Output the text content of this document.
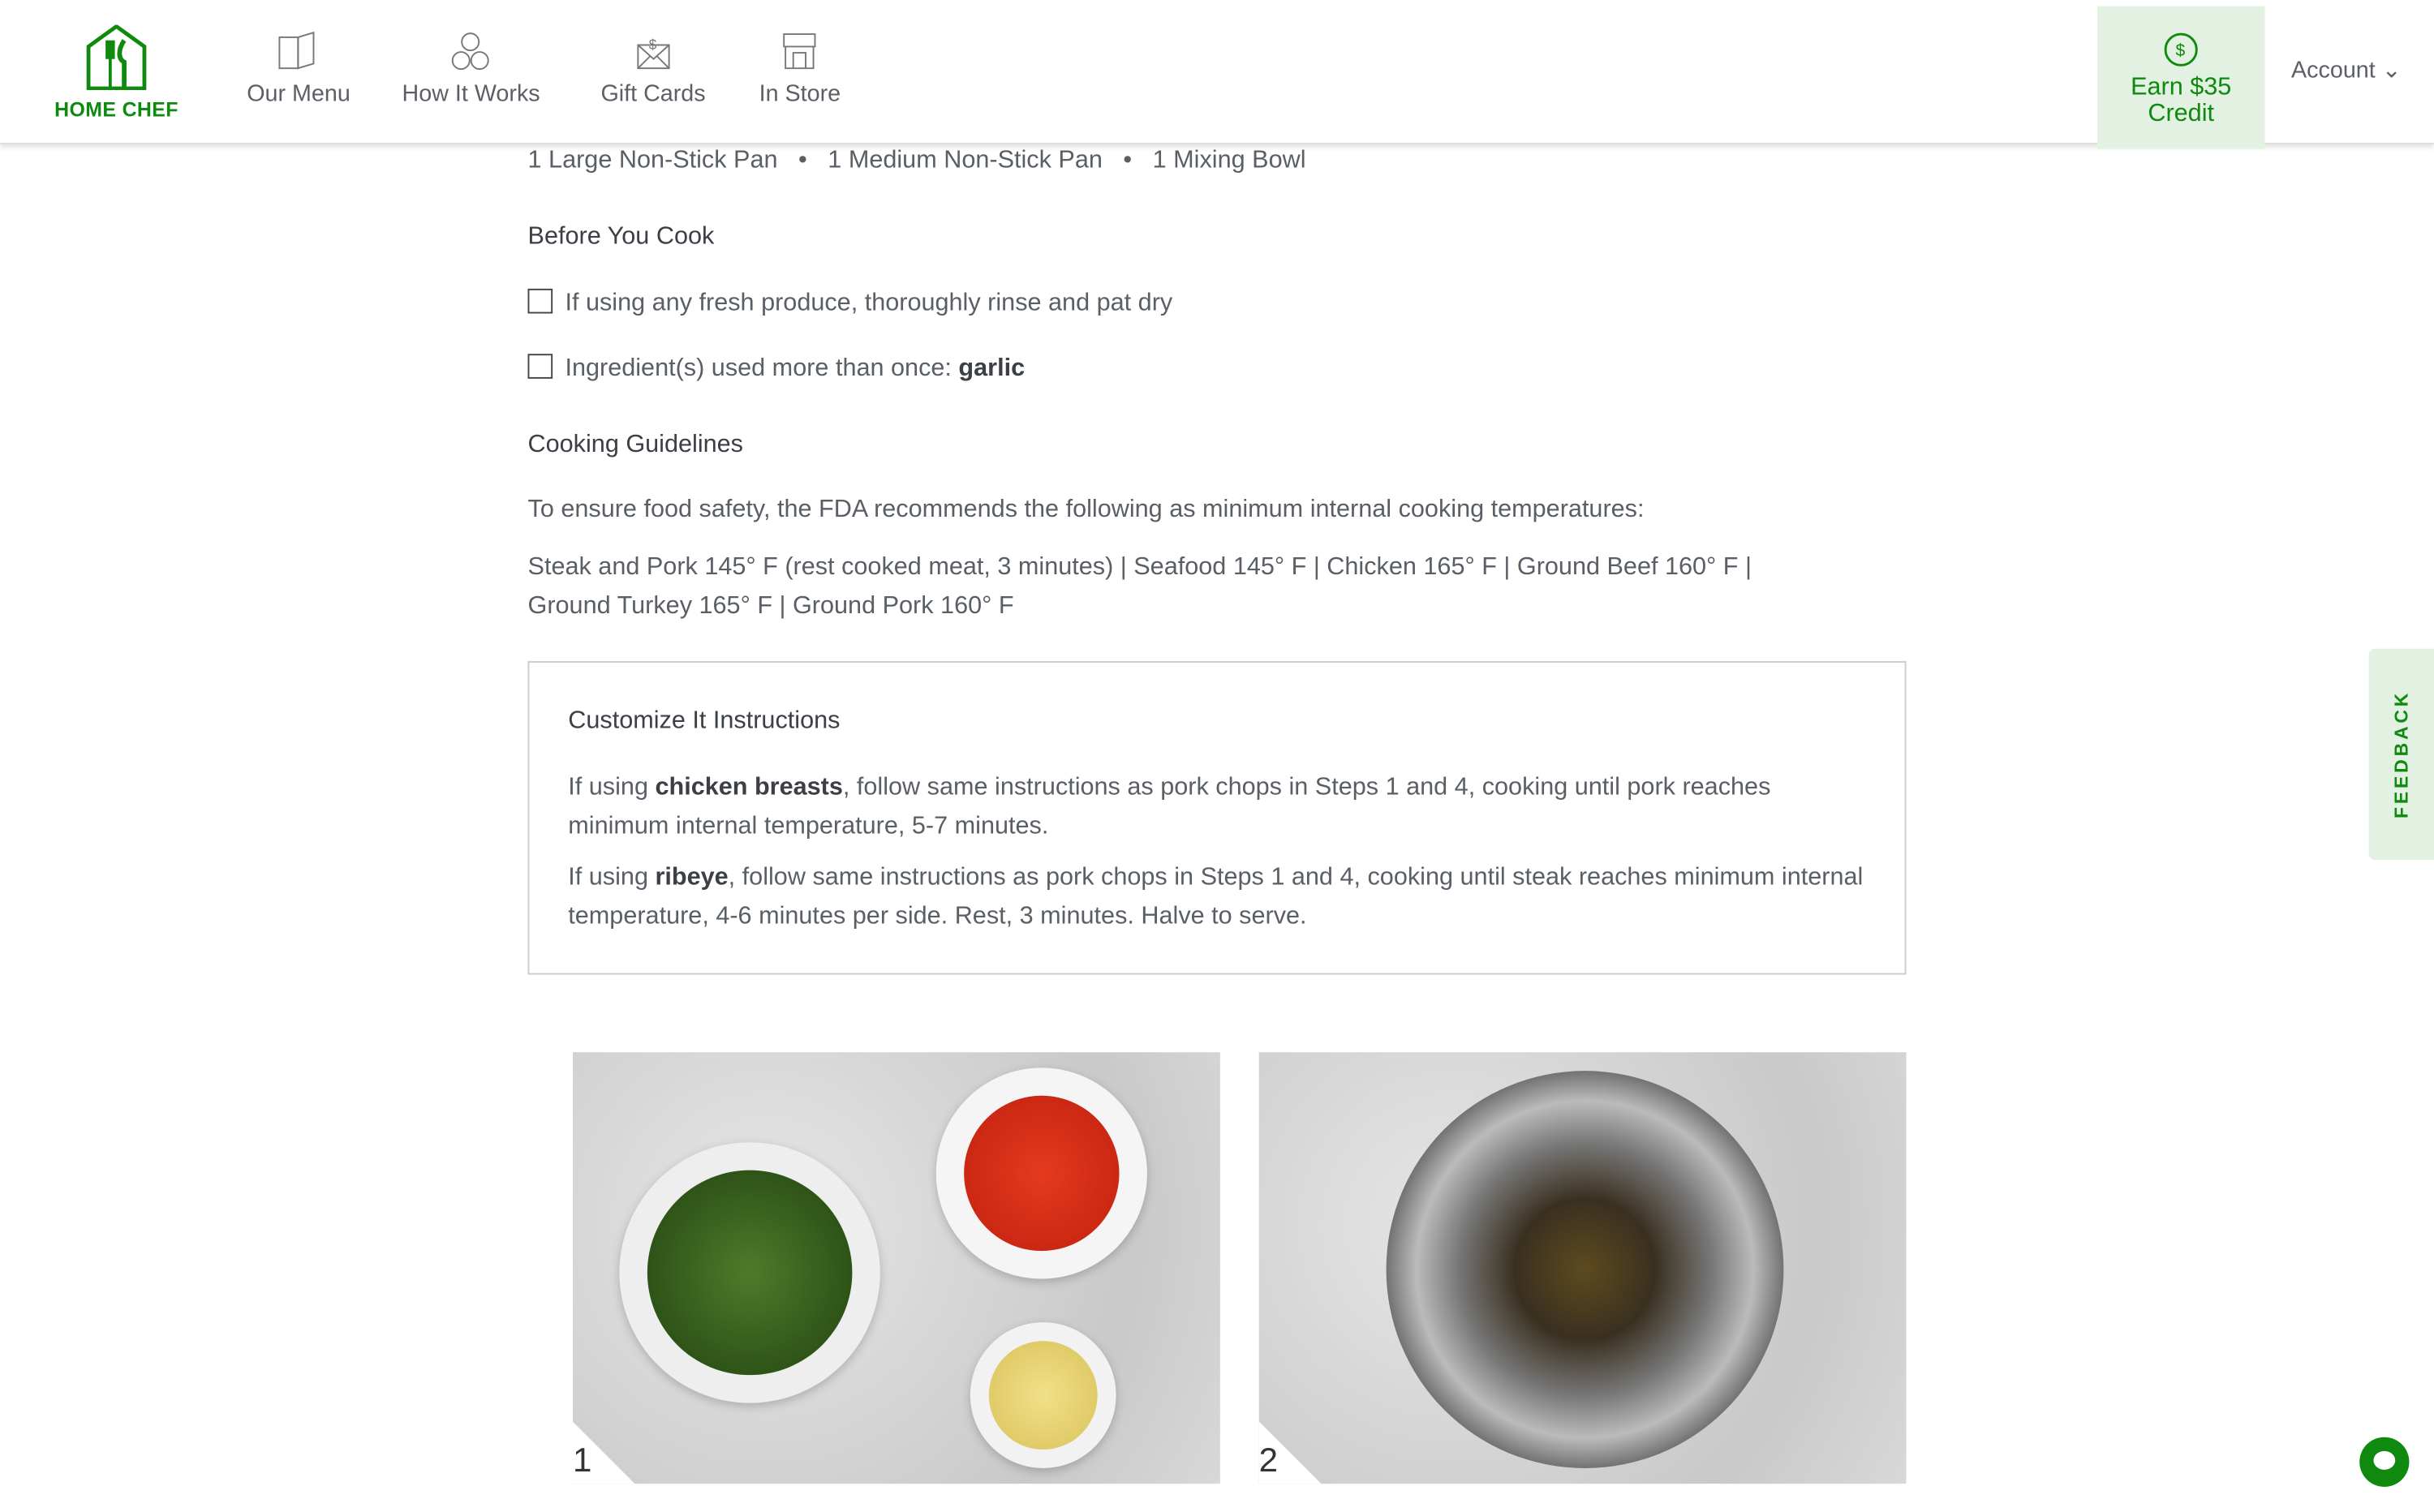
HOME CHEF
Our Menu	How It Works
$
Gift Cards	In Store
$
Earn $35
Credit
Account ⌄
1 Large Non-Stick Pan   •   1 Medium Non-Stick Pan   •   1 Mixing Bowl
Before You Cook
If using any fresh produce, thoroughly rinse and pat dry
Ingredient(s) used more than once: garlic
Cooking Guidelines
To ensure food safety, the FDA recommends the following as minimum internal cooking temperatures:
Steak and Pork 145° F (rest cooked meat, 3 minutes) | Seafood 145° F | Chicken 165° F | Ground Beef 160° F |
Ground Turkey 165° F | Ground Pork 160° F
Customize It Instructions
If using chicken breasts, follow same instructions as pork chops in Steps 1 and 4, cooking until pork reaches minimum internal temperature, 5-7 minutes.
If using ribeye, follow same instructions as pork chops in Steps 1 and 4, cooking until steak reaches minimum internal temperature, 4-6 minutes per side. Rest, 3 minutes. Halve to serve.
1	2
FEEDBACK
